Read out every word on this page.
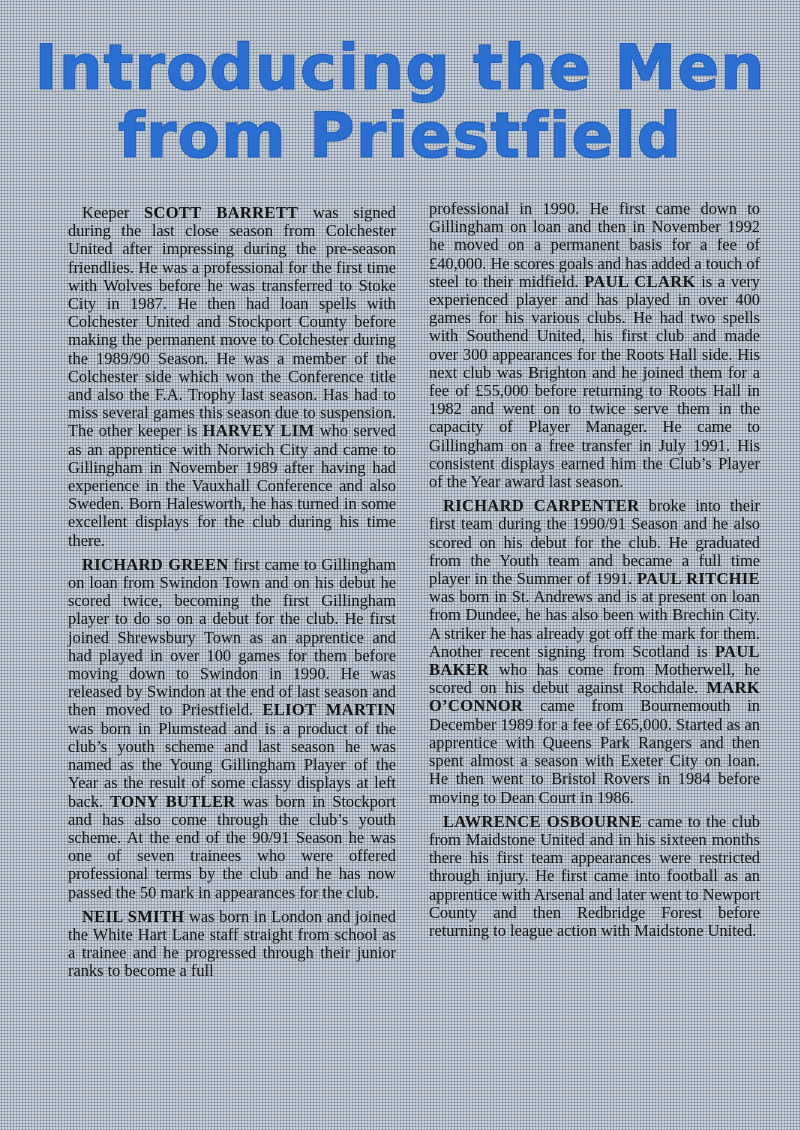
Introducing the Men
from Priestfield

Keeper SCOTT BARRETT was signed during the last close season from Colchester United after impressing during the pre-season friendlies. He was a professional for the first time with Wolves before he was transferred to Stoke City in 1987. He then had loan spells with Colchester United and Stockport County before making the permanent move to Colchester during the 1989/90 Season. He was a member of the Colchester side which won the Conference title and also the F.A. Trophy last season. Has had to miss several games this season due to suspension. The other keeper is HARVEY LIM who served as an apprentice with Norwich City and came to Gillingham in November 1989 after having had experience in the Vauxhall Conference and also Sweden. Born Halesworth, he has turned in some excellent displays for the club during his time there.

RICHARD GREEN first came to Gillingham on loan from Swindon Town and on his debut he scored twice, becoming the first Gillingham player to do so on a debut for the club. He first joined Shrewsbury Town as an apprentice and had played in over 100 games for them before moving down to Swindon in 1990. He was released by Swindon at the end of last season and then moved to Priestfield. ELIOT MARTIN was born in Plumstead and is a product of the club’s youth scheme and last season he was named as the Young Gillingham Player of the Year as the result of some classy displays at left back. TONY BUTLER was born in Stockport and has also come through the club’s youth scheme. At the end of the 90/91 Season he was one of seven trainees who were offered professional terms by the club and he has now passed the 50 mark in appearances for the club.

NEIL SMITH was born in London and joined the White Hart Lane staff straight from school as a trainee and he progressed through their junior ranks to become a full

professional in 1990. He first came down to Gillingham on loan and then in November 1992 he moved on a permanent basis for a fee of £40,000. He scores goals and has added a touch of steel to their midfield. PAUL CLARK is a very experienced player and has played in over 400 games for his various clubs. He had two spells with Southend United, his first club and made over 300 appearances for the Roots Hall side. His next club was Brighton and he joined them for a fee of £55,000 before returning to Roots Hall in 1982 and went on to twice serve them in the capacity of Player Manager. He came to Gillingham on a free transfer in July 1991. His consistent displays earned him the Club’s Player of the Year award last season.

RICHARD CARPENTER broke into their first team during the 1990/91 Season and he also scored on his debut for the club. He graduated from the Youth team and became a full time player in the Summer of 1991. PAUL RITCHIE was born in St. Andrews and is at present on loan from Dundee, he has also been with Brechin City. A striker he has already got off the mark for them. Another recent signing from Scotland is PAUL BAKER who has come from Motherwell, he scored on his debut against Rochdale. MARK O’CONNOR came from Bournemouth in December 1989 for a fee of £65,000. Started as an apprentice with Queens Park Rangers and then spent almost a season with Exeter City on loan. He then went to Bristol Rovers in 1984 before moving to Dean Court in 1986.

LAWRENCE OSBOURNE came to the club from Maidstone United and in his sixteen months there his first team appearances were restricted through injury. He first came into football as an apprentice with Arsenal and later went to Newport County and then Redbridge Forest before returning to league action with Maidstone United.
